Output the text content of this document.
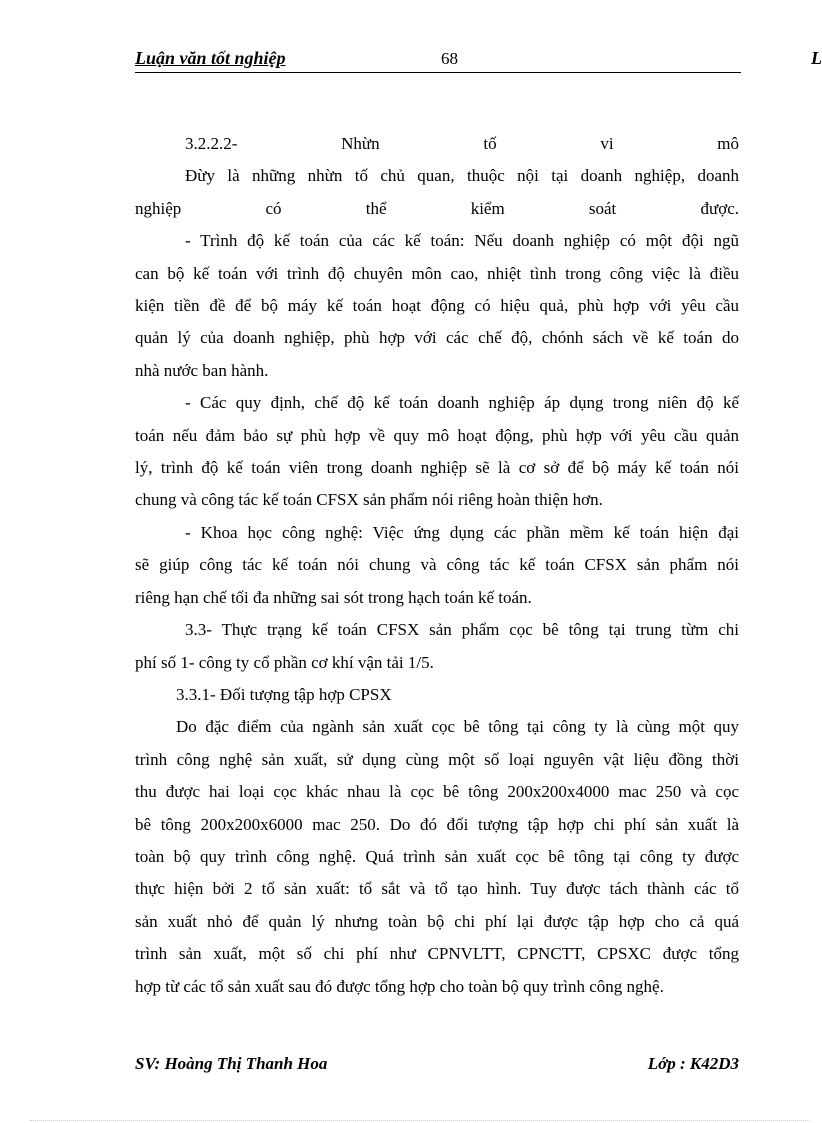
Luận văn tốt nghiệp	68	L
3.2.2.2- Nhừn tố vi mô
Đừy là những nhừn tố chủ quan, thuộc nội tại doanh nghiệp, doanh
nghiệp có thể kiểm soát được.
- Trình độ kế toán của các kế toán: Nếu doanh nghiệp có một đội ngũ
can bộ kế toán với trình độ chuyên môn cao, nhiệt tình trong công việc là điều
kiện tiền đề để bộ máy kế toán hoạt động có hiệu quả, phù hợp với yêu cầu
quản lý của doanh nghiệp, phù hợp với các chế độ, chónh sách về kế toán do
nhà nước ban hành.
- Các quy định, chế độ kế toán doanh nghiệp áp dụng trong niên độ kế
toán nếu đảm bảo sự phù hợp về quy mô hoạt động, phù hợp với yêu cầu quản
lý, trình độ kế toán viên trong doanh nghiệp sẽ là cơ sở để bộ máy kế toán nói
chung và công tác kế toán CFSX sản phẩm nói riêng hoàn thiện hơn.
- Khoa học công nghệ: Việc ứng dụng các phần mềm kế toán hiện đại
sẽ giúp công tác kế toán nói chung và công tác kế toán CFSX sản phẩm nói
riêng hạn chế tối đa những sai sót trong hạch toán kế toán.
3.3- Thực trạng kế toán CFSX sản phẩm cọc bê tông tại trung từm chi
phí số 1- công ty cổ phần cơ khí vận tải 1/5.
3.3.1- Đối tượng tập hợp CPSX
Do đặc điểm của ngành sản xuất cọc bê tông tại công ty là cùng một quy
trình công nghệ sản xuất, sử dụng cùng một số loại nguyên vật liệu đồng thời
thu được hai loại cọc khác nhau là cọc bê tông 200x200x4000 mac 250 và cọc
bê tông 200x200x6000 mac 250. Do đó đối tượng tập hợp chi phí sản xuất là
toàn bộ quy trình công nghệ. Quá trình sản xuất cọc bê tông tại công ty được
thực hiện bởi 2 tổ sản xuất: tổ sắt và tổ tạo hình. Tuy được tách thành các tổ
sản xuất nhỏ để quản lý nhưng toàn bộ chi phí lại được tập hợp cho cả quá
trình sản xuất, một số chi phí như CPNVLTT, CPNCTT, CPSXC được tổng
hợp từ các tổ sản xuất sau đó được tổng hợp cho toàn bộ quy trình công nghệ.
SV: Hoàng Thị Thanh Hoa	Lớp : K42D3
